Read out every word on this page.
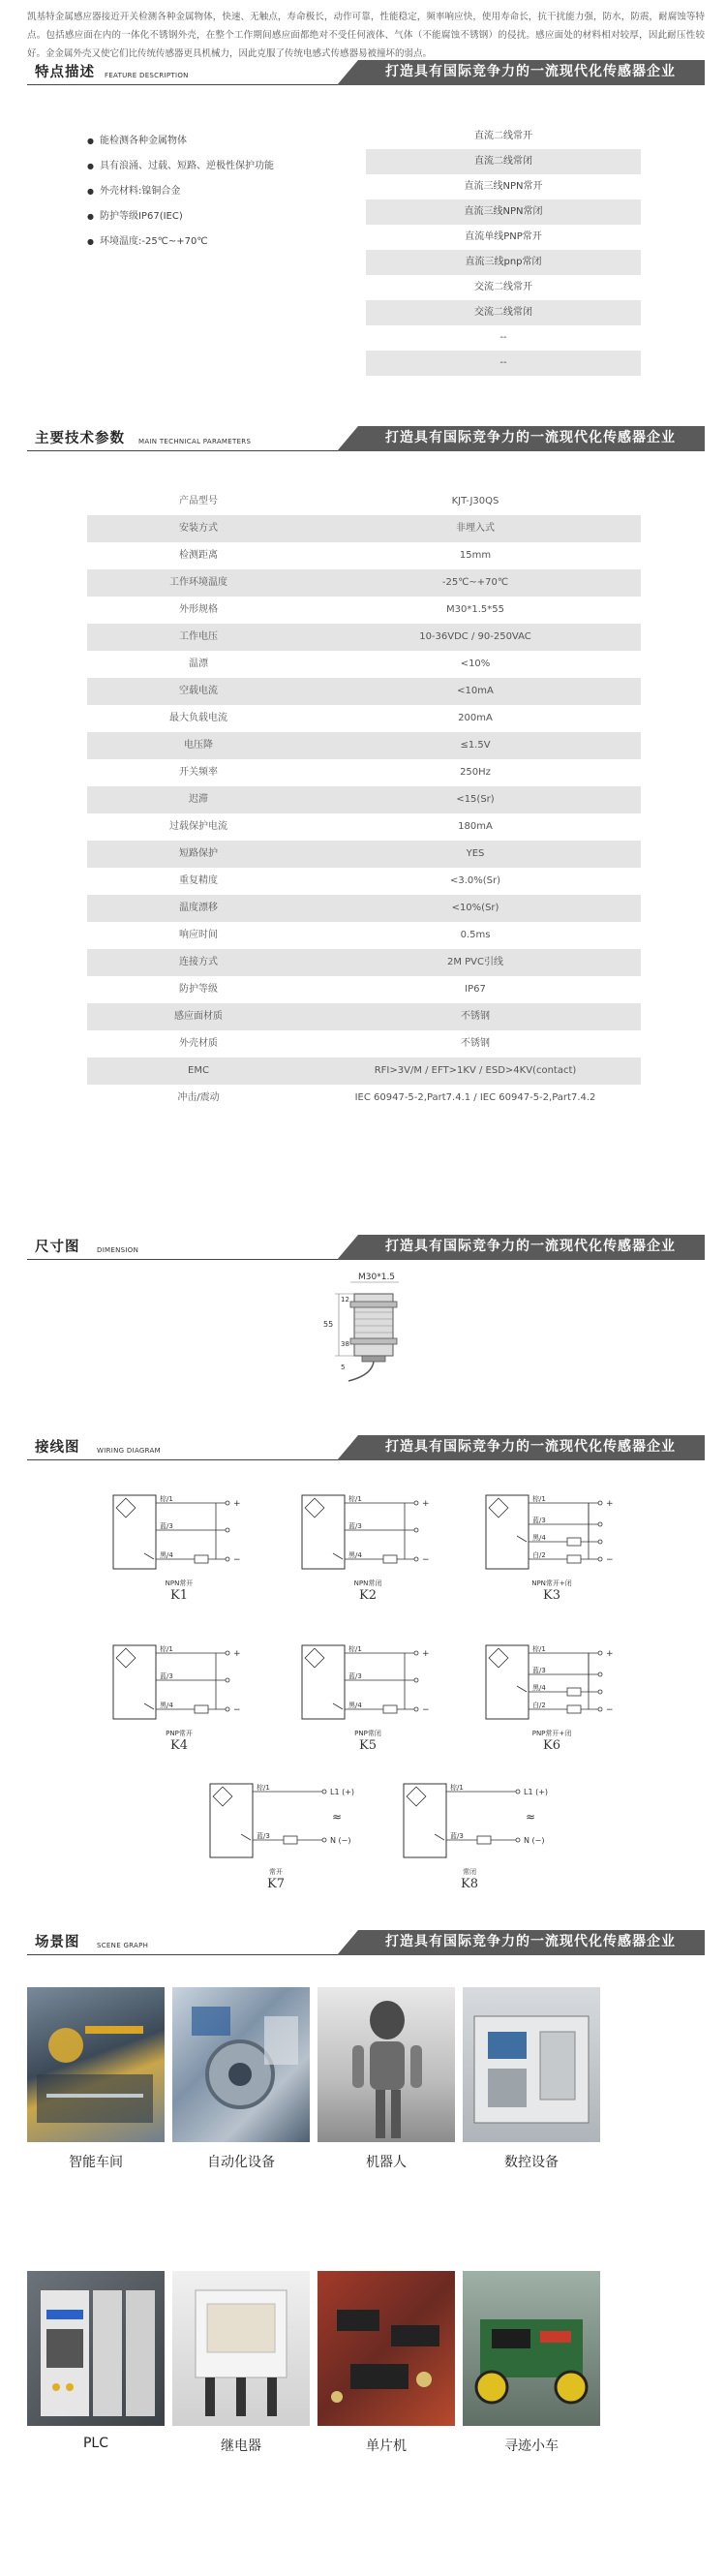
凯基特金属感应器接近开关检测各种金属物体，快速、无触点，寿命极长，动作可靠，性能稳定，频率响应快，使用寿命长，抗干扰能力强，防水，防震，耐腐蚀等特点。包括感应面在内的一体化不锈钢外壳，在整个工作期间感应面都绝对不受任何液体、气体（不能腐蚀不锈钢）的侵扰。感应面处的材料相对较厚，因此耐压性较好。金金属外壳又使它们比传统传感器更具机械力，因此克服了传统电感式传感器易被撞坏的弱点。
特点描述 FEATURE DESCRIPTION	打造具有国际竞争力的一流现代化传感器企业
● 能检测各种金属物体
● 具有浪涌、过载、短路、逆极性保护功能
● 外壳材料:镍铜合金
● 防护等级IP67(IEC)
● 环境温度:-25℃~+70℃
直流二线常开
直流二线常闭
直流三线NPN常开
直流三线NPN常闭
直流单线PNP常开
直流三线pnp常闭
交流二线常开
交流二线常闭
--
--
主要技术参数 MAIN TECHNICAL PARAMETERS	打造具有国际竞争力的一流现代化传感器企业
产品型号	KJT-J30QS
安装方式	非埋入式
检测距离	15mm
工作环境温度	-25℃~+70℃
外形规格	M30*1.5*55
工作电压	10-36VDC / 90-250VAC
温漂	<10%
空载电流	<10mA
最大负载电流	200mA
电压降	≤1.5V
开关频率	250Hz
迟滞	<15(Sr)
过载保护电流	180mA
短路保护	YES
重复精度	<3.0%(Sr)
温度漂移	<10%(Sr)
响应时间	0.5ms
连接方式	2M PVC引线
防护等级	IP67
感应面材质	不锈钢
外壳材质	不锈钢
EMC	RFI>3V/M / EFT>1KV / ESD>4KV(contact)
冲击/震动	IEC 60947-5-2,Part7.4.1 / IEC 60947-5-2,Part7.4.2
尺寸图	DIMENSION	打造具有国际竞争力的一流现代化传感器企业
M30*1.5
55
12
38
5
接线图	WIRING DIAGRAM	打造具有国际竞争力的一流现代化传感器企业
棕/1	+
蓝/3
黑/4	−
NPN常开
K1
棕/1	+
蓝/3
黑/4	−
NPN常闭
K2
棕/1	+
蓝/3
黑/4
白/2	−
NPN常开+闭
K3
棕/1	+
蓝/3
黑/4	−
PNP常开
K4
棕/1	+
蓝/3
黑/4	−
PNP常闭
K5
棕/1	+
蓝/3
黑/4
白/2	−
PNP常开+闭
K6
棕/1
蓝/3
L1 (+)
N (−)
≈
常开
K7
棕/1
蓝/3
L1 (+)
N (−)
≈
常闭
K8
场景图	SCENE GRAPH	打造具有国际竞争力的一流现代化传感器企业
智能车间	自动化设备	机器人	数控设备
PLC	继电器	单片机	寻迹小车
